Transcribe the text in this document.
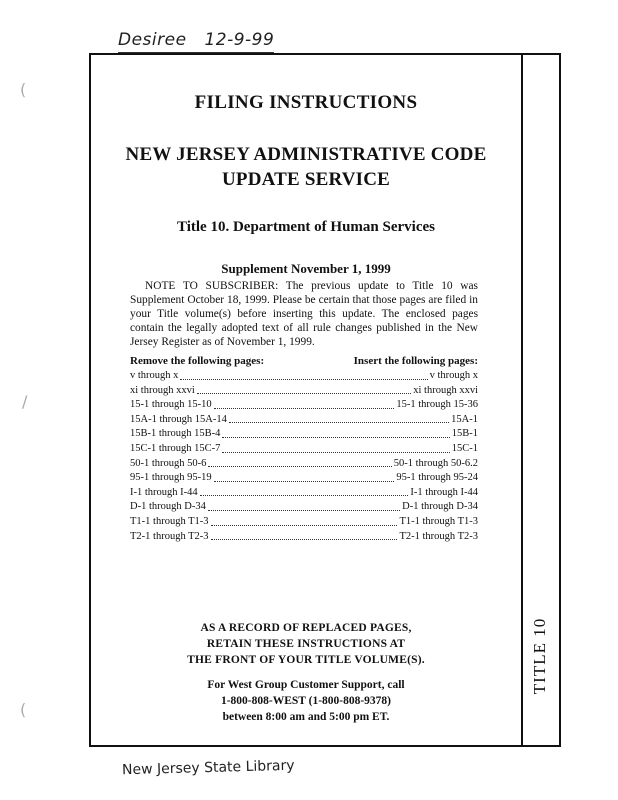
Desiree 12-9-99
(
/
(
TITLE 10
FILING INSTRUCTIONS
NEW JERSEY ADMINISTRATIVE CODE
UPDATE SERVICE
Title 10. Department of Human Services
Supplement November 1, 1999
NOTE TO SUBSCRIBER: The previous update to Title 10 was Supplement October 18, 1999. Please be certain that those pages are filed in your Title volume(s) before inserting this update. The enclosed pages contain the legally adopted text of all rule changes published in the New Jersey Register as of November 1, 1999.
Remove the following pages:	Insert the following pages:
v through x	v through x
xi through xxvi	xi through xxvi
15-1 through 15-10	15-1 through 15-36
15A-1 through 15A-14	15A-1
15B-1 through 15B-4	15B-1
15C-1 through 15C-7	15C-1
50-1 through 50-6	50-1 through 50-6.2
95-1 through 95-19	95-1 through 95-24
I-1 through I-44	I-1 through I-44
D-1 through D-34	D-1 through D-34
T1-1 through T1-3	T1-1 through T1-3
T2-1 through T2-3	T2-1 through T2-3
AS A RECORD OF REPLACED PAGES,
RETAIN THESE INSTRUCTIONS AT
THE FRONT OF YOUR TITLE VOLUME(S).
For West Group Customer Support, call
1-800-808-WEST (1-800-808-9378)
between 8:00 am and 5:00 pm ET.
New Jersey State Library
